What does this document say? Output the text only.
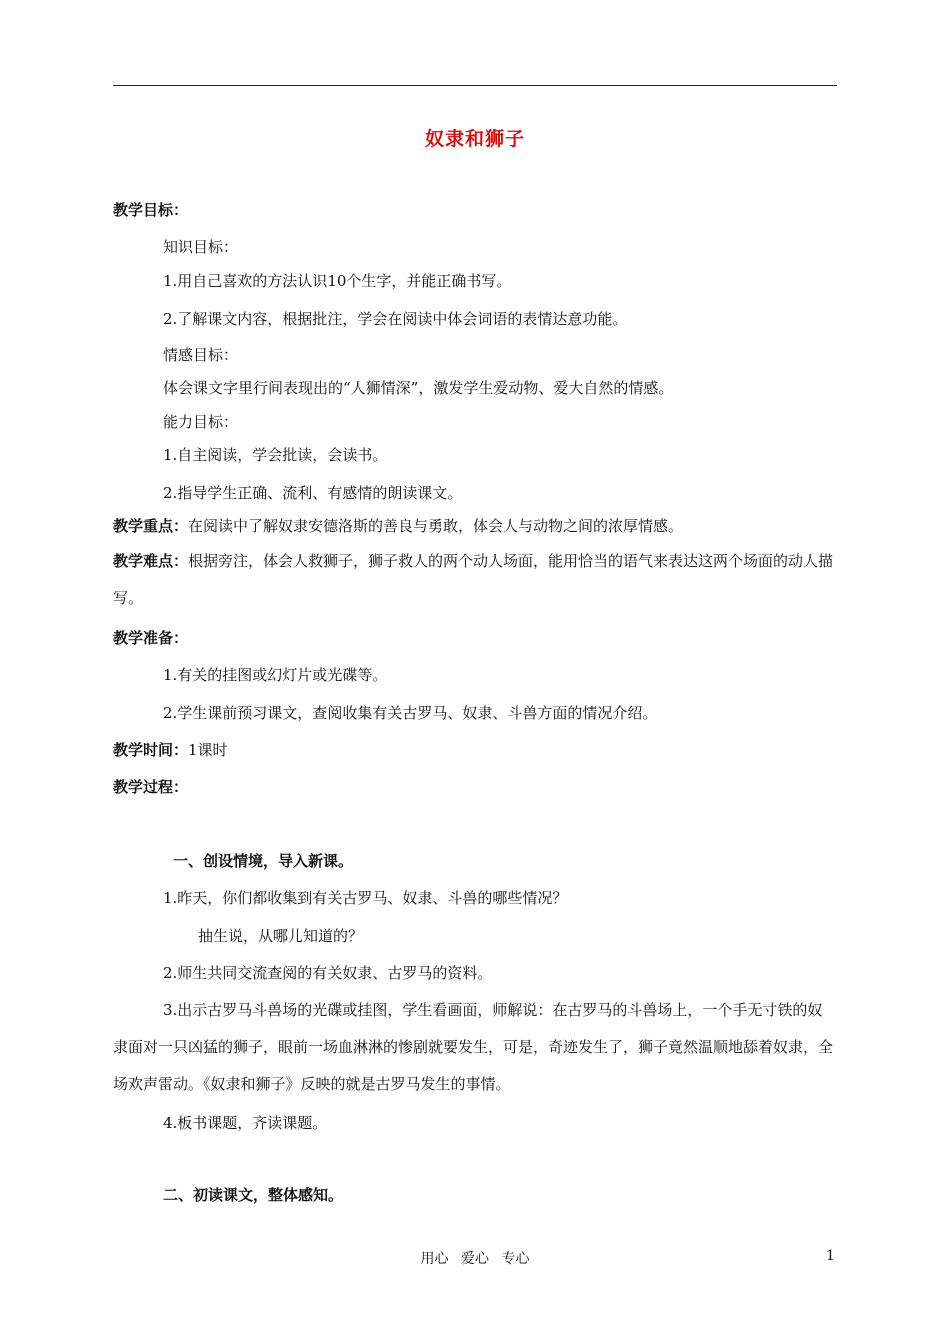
奴隶和狮子
教学目标：
知识目标：
1.用自己喜欢的方法认识10个生字，并能正确书写。
2.了解课文内容，根据批注，学会在阅读中体会词语的表情达意功能。
情感目标：
体会课文字里行间表现出的“人狮情深”，激发学生爱动物、爱大自然的情感。
能力目标：
1.自主阅读，学会批读，会读书。
2.指导学生正确、流利、有感情的朗读课文。
教学重点：在阅读中了解奴隶安德洛斯的善良与勇敢，体会人与动物之间的浓厚情感。
教学难点：根据旁注，体会人救狮子，狮子救人的两个动人场面，能用恰当的语气来表达这两个场面的动人描写。
教学准备：
1.有关的挂图或幻灯片或光碟等。
2.学生课前预习课文，查阅收集有关古罗马、奴隶、斗兽方面的情况介绍。
教学时间：1课时
教学过程：
一、创设情境，导入新课。
1.昨天，你们都收集到有关古罗马、奴隶、斗兽的哪些情况？
抽生说，从哪儿知道的？
2.师生共同交流查阅的有关奴隶、古罗马的资料。
3.出示古罗马斗兽场的光碟或挂图，学生看画面，师解说：在古罗马的斗兽场上，一个手无寸铁的奴隶面对一只凶猛的狮子，眼前一场血淋淋的惨剧就要发生，可是，奇迹发生了，狮子竟然温顺地舔着奴隶，全场欢声雷动。《奴隶和狮子》反映的就是古罗马发生的事情。
4.板书课题，齐读课题。
二、初读课文，整体感知。
用心 爱心 专心	1
